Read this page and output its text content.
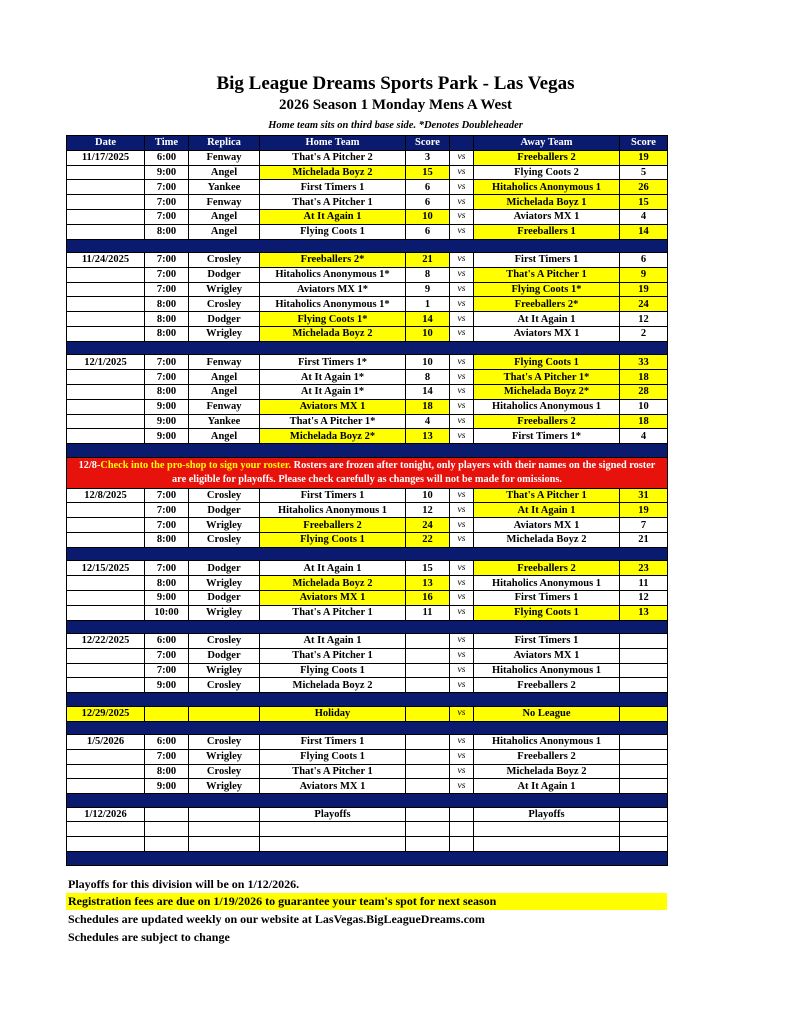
Big League Dreams Sports Park - Las Vegas
2026 Season 1 Monday Mens A West
Home team sits on third base side. *Denotes Doubleheader
Date	Time	Replica	Home Team	Score		Away Team	Score
11/17/2025	6:00	Fenway	That's A Pitcher 2	3	vs	Freeballers 2	19
	9:00	Angel	Michelada Boyz 2	15	vs	Flying Coots 2	5
	7:00	Yankee	First Timers 1	6	vs	Hitaholics Anonymous 1	26
	7:00	Fenway	That's A Pitcher 1	6	vs	Michelada Boyz 1	15
	7:00	Angel	At It Again 1	10	vs	Aviators MX 1	4
	8:00	Angel	Flying Coots 1	6	vs	Freeballers 1	14

11/24/2025	7:00	Crosley	Freeballers 2*	21	vs	First Timers 1	6
	7:00	Dodger	Hitaholics Anonymous 1*	8	vs	That's A Pitcher 1	9
	7:00	Wrigley	Aviators MX 1*	9	vs	Flying Coots 1*	19
	8:00	Crosley	Hitaholics Anonymous 1*	1	vs	Freeballers 2*	24
	8:00	Dodger	Flying Coots 1*	14	vs	At It Again 1	12
	8:00	Wrigley	Michelada Boyz 2	10	vs	Aviators MX 1	2

12/1/2025	7:00	Fenway	First Timers 1*	10	vs	Flying Coots 1	33
	7:00	Angel	At It Again 1*	8	vs	That's A Pitcher 1*	18
	8:00	Angel	At It Again 1*	14	vs	Michelada Boyz 2*	28
	9:00	Fenway	Aviators MX 1	18	vs	Hitaholics Anonymous 1	10
	9:00	Yankee	That's A Pitcher 1*	4	vs	Freeballers 2	18
	9:00	Angel	Michelada Boyz 2*	13	vs	First Timers 1*	4

12/8-Check into the pro-shop to sign your roster. Rosters are frozen after tonight, only players with their names on the signed roster are eligible for playoffs. Please check carefully as changes will not be made for omissions.							
12/8/2025	7:00	Crosley	First Timers 1	10	vs	That's A Pitcher 1	31
	7:00	Dodger	Hitaholics Anonymous 1	12	vs	At It Again 1	19
	7:00	Wrigley	Freeballers 2	24	vs	Aviators MX 1	7
	8:00	Crosley	Flying Coots 1	22	vs	Michelada Boyz 2	21

12/15/2025	7:00	Dodger	At It Again 1	15	vs	Freeballers 2	23
	8:00	Wrigley	Michelada Boyz 2	13	vs	Hitaholics Anonymous 1	11
	9:00	Dodger	Aviators MX 1	16	vs	First Timers 1	12
	10:00	Wrigley	That's A Pitcher 1	11	vs	Flying Coots 1	13

12/22/2025	6:00	Crosley	At It Again 1		vs	First Timers 1	
	7:00	Dodger	That's A Pitcher 1		vs	Aviators MX 1	
	7:00	Wrigley	Flying Coots 1		vs	Hitaholics Anonymous 1	
	9:00	Crosley	Michelada Boyz 2		vs	Freeballers 2	

12/29/2025			Holiday		vs	No League	

1/5/2026	6:00	Crosley	First Timers 1		vs	Hitaholics Anonymous 1	
	7:00	Wrigley	Flying Coots 1		vs	Freeballers 2	
	8:00	Crosley	That's A Pitcher 1		vs	Michelada Boyz 2	
	9:00	Wrigley	Aviators MX 1		vs	At It Again 1	

1/12/2026			Playoffs			Playoffs	

Playoffs for this division will be on 1/12/2026.
Registration fees are due on 1/19/2026 to guarantee your team's spot for next season
Schedules are updated weekly on our website at LasVegas.BigLeagueDreams.com
Schedules are subject to change
